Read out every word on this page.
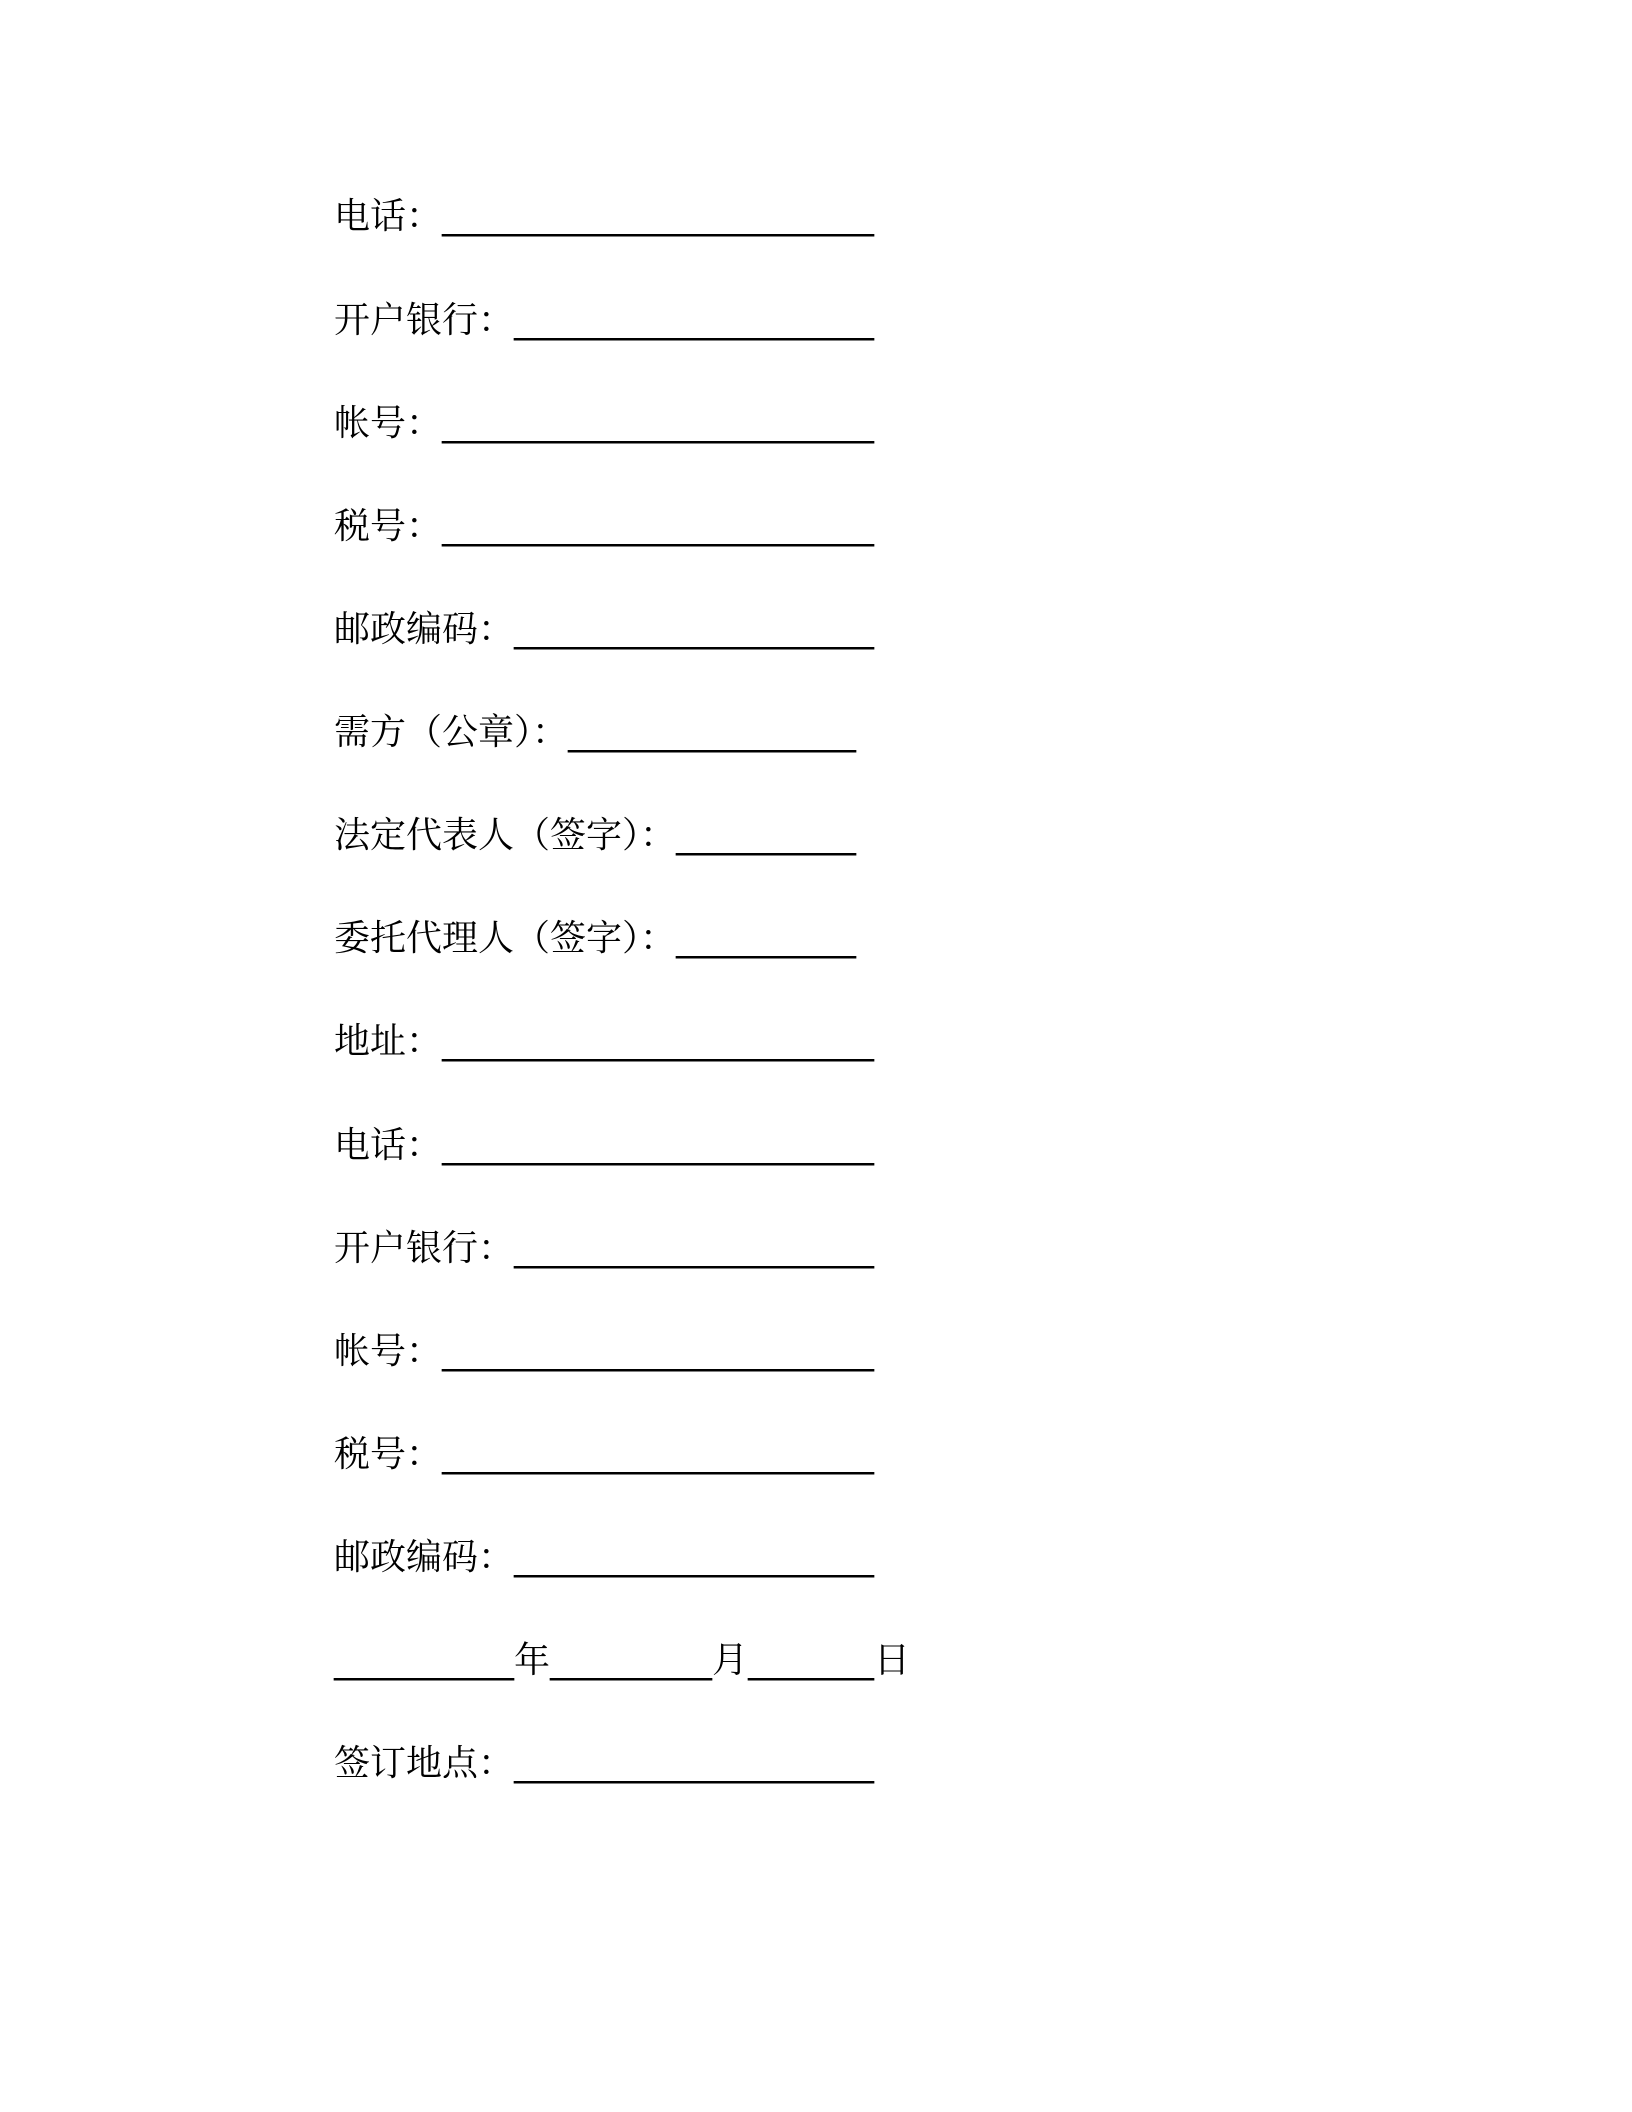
电话：________________________
开户银行：____________________
帐号：________________________
税号：________________________
邮政编码：____________________
需方（公章）：________________
法定代表人（签字）：__________
委托代理人（签字）：__________
地址：________________________
电话：________________________
开户银行：____________________
帐号：________________________
税号：________________________
邮政编码：____________________
__________年_________月_______日
签订地点：____________________
